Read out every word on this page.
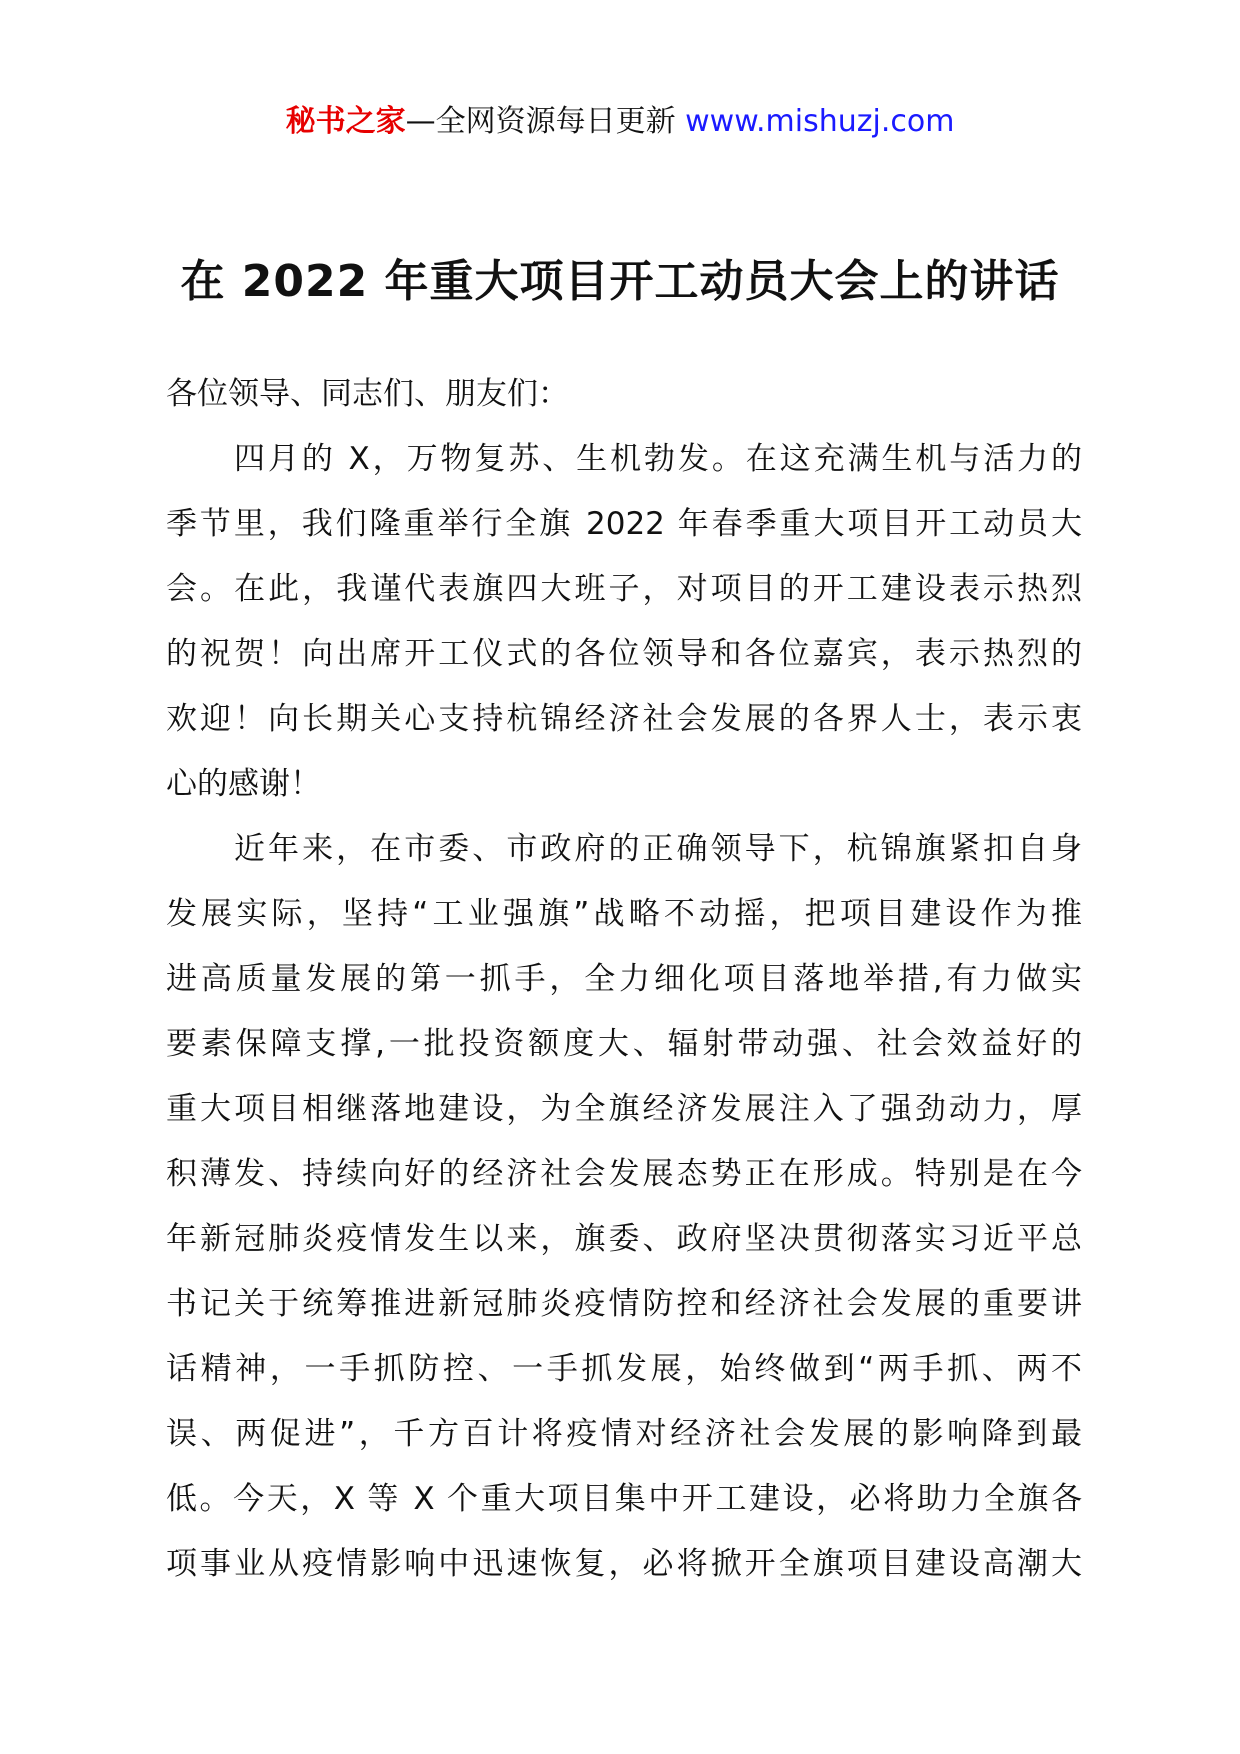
秘书之家—全网资源每日更新 www.mishuzj.com
在 2022 年重大项目开工动员大会上的讲话
各位领导、同志们、朋友们：
四月的 X，万物复苏、生机勃发。在这充满生机与活力的
季节里，我们隆重举行全旗 2022 年春季重大项目开工动员大
会。在此，我谨代表旗四大班子，对项目的开工建设表示热烈
的祝贺！向出席开工仪式的各位领导和各位嘉宾，表示热烈的
欢迎！向长期关心支持杭锦经济社会发展的各界人士，表示衷
心的感谢！
近年来，在市委、市政府的正确领导下，杭锦旗紧扣自身
发展实际，坚持“工业强旗”战略不动摇，把项目建设作为推
进高质量发展的第一抓手，全力细化项目落地举措,有力做实
要素保障支撑,一批投资额度大、辐射带动强、社会效益好的
重大项目相继落地建设，为全旗经济发展注入了强劲动力，厚
积薄发、持续向好的经济社会发展态势正在形成。特别是在今
年新冠肺炎疫情发生以来，旗委、政府坚决贯彻落实习近平总
书记关于统筹推进新冠肺炎疫情防控和经济社会发展的重要讲
话精神，一手抓防控、一手抓发展，始终做到“两手抓、两不
误、两促进”，千方百计将疫情对经济社会发展的影响降到最
低。今天，X 等 X 个重大项目集中开工建设，必将助力全旗各
项事业从疫情影响中迅速恢复，必将掀开全旗项目建设高潮大
